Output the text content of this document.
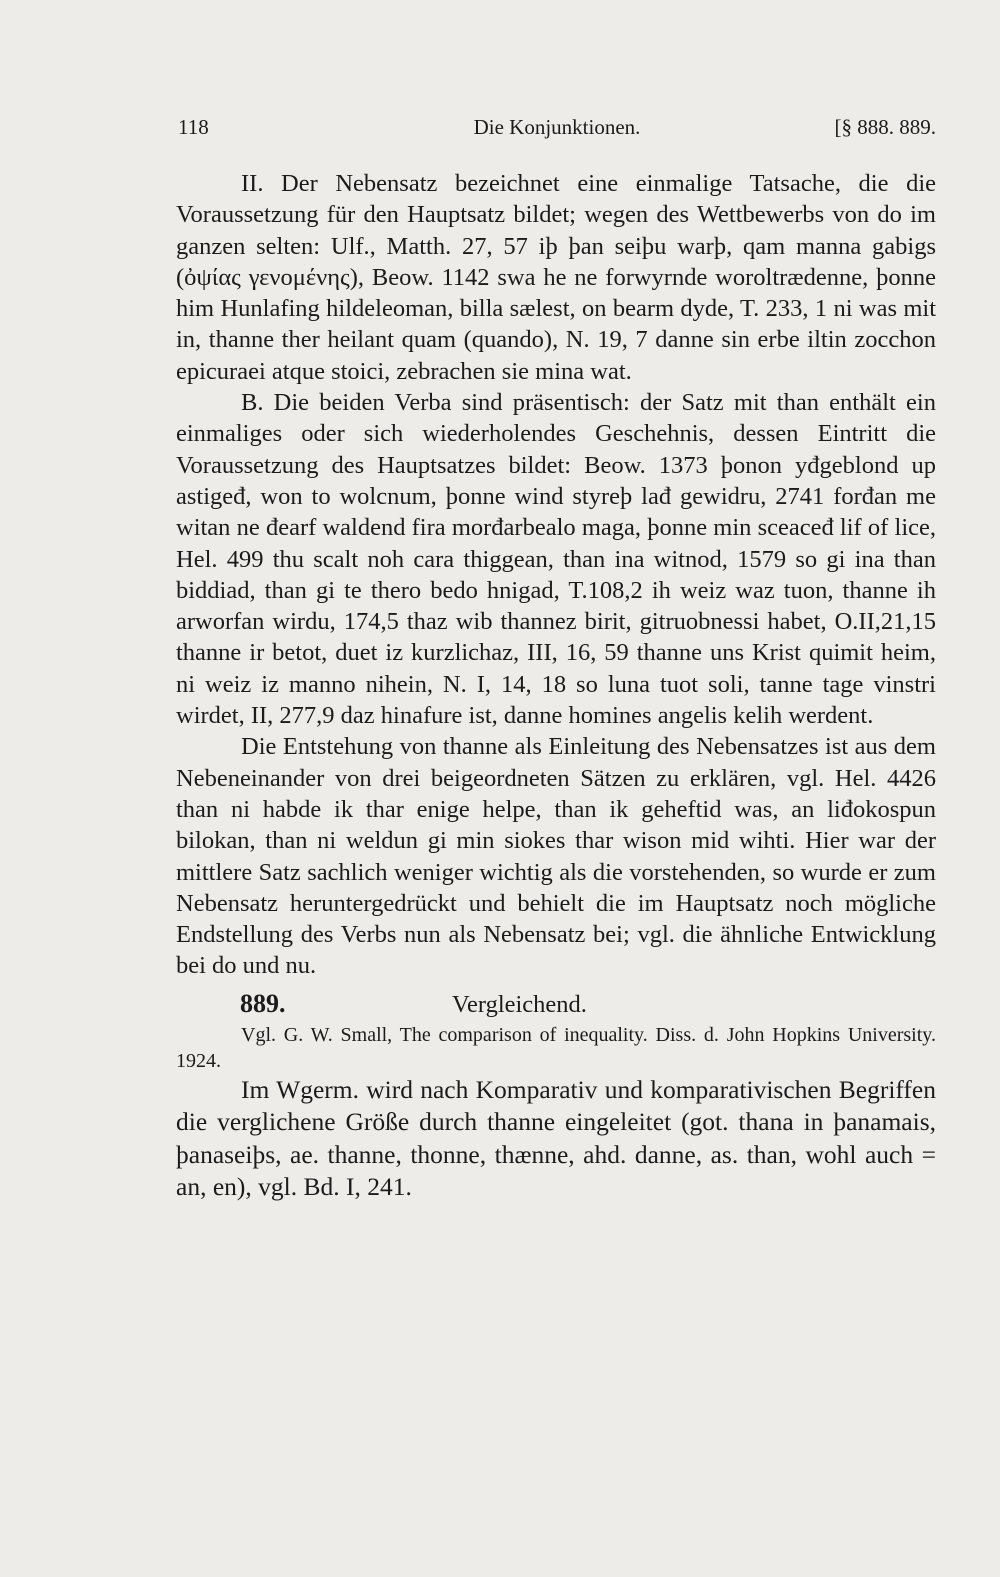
118	Die Konjunktionen.	[§ 888. 889.

II. Der Nebensatz bezeichnet eine einmalige Tatsache, die die Voraussetzung für den Hauptsatz bildet; wegen des Wettbewerbs von do im ganzen selten: Ulf., Matth. 27, 57 iþ þan seiþu warþ, qam manna gabigs (ὀψίας γενομένης), Beow. 1142 swa he ne forwyrnde woroltrædenne, þonne him Hunlafing hildeleoman, billa sælest, on bearm dyde, T. 233, 1 ni was mit in, thanne ther heilant quam (quando), N. 19, 7 danne sin erbe iltin zocchon epicuraei atque stoici, zebrachen sie mina wat.

B. Die beiden Verba sind präsentisch: der Satz mit than enthält ein einmaliges oder sich wiederholendes Geschehnis, dessen Eintritt die Voraussetzung des Hauptsatzes bildet: Beow. 1373 þonon yđgeblond up astigeđ, won to wolcnum, þonne wind styreþ lađ gewidru, 2741 forđan me witan ne đearf waldend fira morđarbealo maga, þonne min sceaceđ lif of lice, Hel. 499 thu scalt noh cara thiggean, than ina witnod, 1579 so gi ina than biddiad, than gi te thero bedo hnigad, T.108,2 ih weiz waz tuon, thanne ih arworfan wirdu, 174,5 thaz wib thannez birit, gitruobnessi habet, O.II,21,15 thanne ir betot, duet iz kurzlichaz, III, 16, 59 thanne uns Krist quimit heim, ni weiz iz manno nihein, N. I, 14, 18 so luna tuot soli, tanne tage vinstri wirdet, II, 277,9 daz hinafure ist, danne homines angelis kelih werdent.

Die Entstehung von thanne als Einleitung des Nebensatzes ist aus dem Nebeneinander von drei beigeordneten Sätzen zu erklären, vgl. Hel. 4426 than ni habde ik thar enige helpe, than ik geheftid was, an liđokospun bilokan, than ni weldun gi min siokes thar wison mid wihti. Hier war der mittlere Satz sachlich weniger wichtig als die vorstehenden, so wurde er zum Nebensatz heruntergedrückt und behielt die im Hauptsatz noch mögliche Endstellung des Verbs nun als Nebensatz bei; vgl. die ähnliche Entwicklung bei do und nu.

889.	Vergleichend.

Vgl. G. W. Small, The comparison of inequality. Diss. d. John Hopkins University. 1924.

Im Wgerm. wird nach Komparativ und komparativischen Begriffen die verglichene Größe durch thanne eingeleitet (got. thana in þanamais, þanaseiþs, ae. thanne, thonne, thænne, ahd. danne, as. than, wohl auch = an, en), vgl. Bd. I, 241.
